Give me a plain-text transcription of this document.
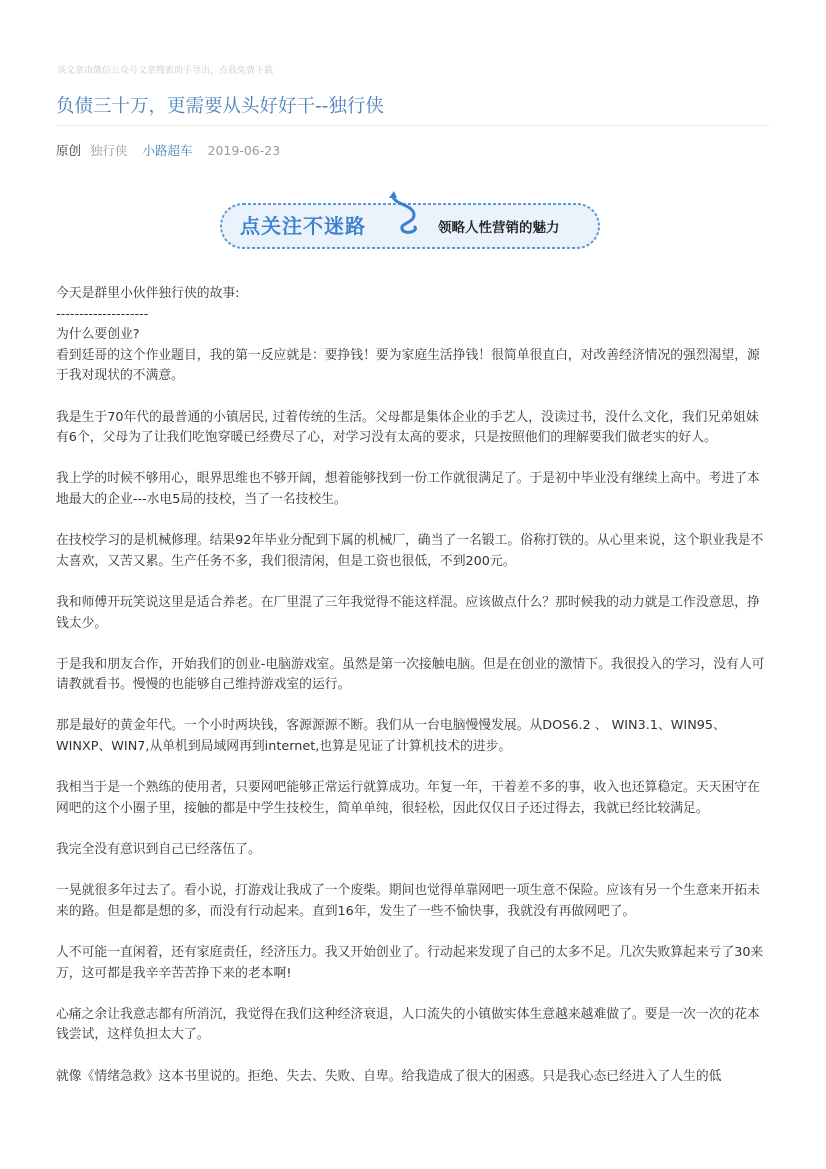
该文章由微信公众号文章搜索助手导出，点我免费下载
负债三十万，更需要从头好好干--独行侠
原创 独行侠 小路超车 2019-06-23
点关注不迷路	领略人性营销的魅力
今天是群里小伙伴独行侠的故事:
--------------------
为什么要创业?

看到廷哥的这个作业题目，我的第一反应就是：要挣钱！要为家庭生活挣钱！很简单很直白，对改善经济情况的强烈渴望，源于我对现状的不满意。

我是生于70年代的最普通的小镇居民, 过着传统的生活。父母都是集体企业的手艺人，没读过书，没什么文化，我们兄弟姐妹有6个，父母为了让我们吃饱穿暖已经费尽了心，对学习没有太高的要求，只是按照他们的理解要我们做老实的好人。

我上学的时候不够用心，眼界思维也不够开阔，想着能够找到一份工作就很满足了。于是初中毕业没有继续上高中。考进了本地最大的企业---水电5局的技校，当了一名技校生。

在技校学习的是机械修理。结果92年毕业分配到下属的机械厂，确当了一名锻工。俗称打铁的。从心里来说，这个职业我是不太喜欢，又苦又累。生产任务不多，我们很清闲，但是工资也很低，不到200元。

我和师傅开玩笑说这里是适合养老。在厂里混了三年我觉得不能这样混。应该做点什么？那时候我的动力就是工作没意思，挣钱太少。

于是我和朋友合作，开始我们的创业-电脑游戏室。虽然是第一次接触电脑。但是在创业的激情下。我很投入的学习，没有人可请教就看书。慢慢的也能够自己维持游戏室的运行。

那是最好的黄金年代。一个小时两块钱，客源源源不断。我们从一台电脑慢慢发展。从DOS6.2 、 WIN3.1、WIN95、WINXP、WIN7,从单机到局域网再到internet,也算是见证了计算机技术的进步。

我相当于是一个熟练的使用者，只要网吧能够正常运行就算成功。年复一年，干着差不多的事，收入也还算稳定。天天困守在网吧的这个小圈子里，接触的都是中学生技校生，简单单纯，很轻松，因此仅仅日子还过得去，我就已经比较满足。

我完全没有意识到自己已经落伍了。

一晃就很多年过去了。看小说，打游戏让我成了一个废柴。期间也觉得单靠网吧一项生意不保险。应该有另一个生意来开拓未来的路。但是都是想的多，而没有行动起来。直到16年，发生了一些不愉快事，我就没有再做网吧了。

人不可能一直闲着，还有家庭责任，经济压力。我又开始创业了。行动起来发现了自己的太多不足。几次失败算起来亏了30来万，这可都是我辛辛苦苦挣下来的老本啊!

心痛之余让我意志都有所消沉，我觉得在我们这种经济衰退，人口流失的小镇做实体生意越来越难做了。要是一次一次的花本钱尝试，这样负担太大了。

就像《情绪急救》这本书里说的。拒绝、失去、失败、自卑。给我造成了很大的困惑。只是我心态已经进入了人生的低
